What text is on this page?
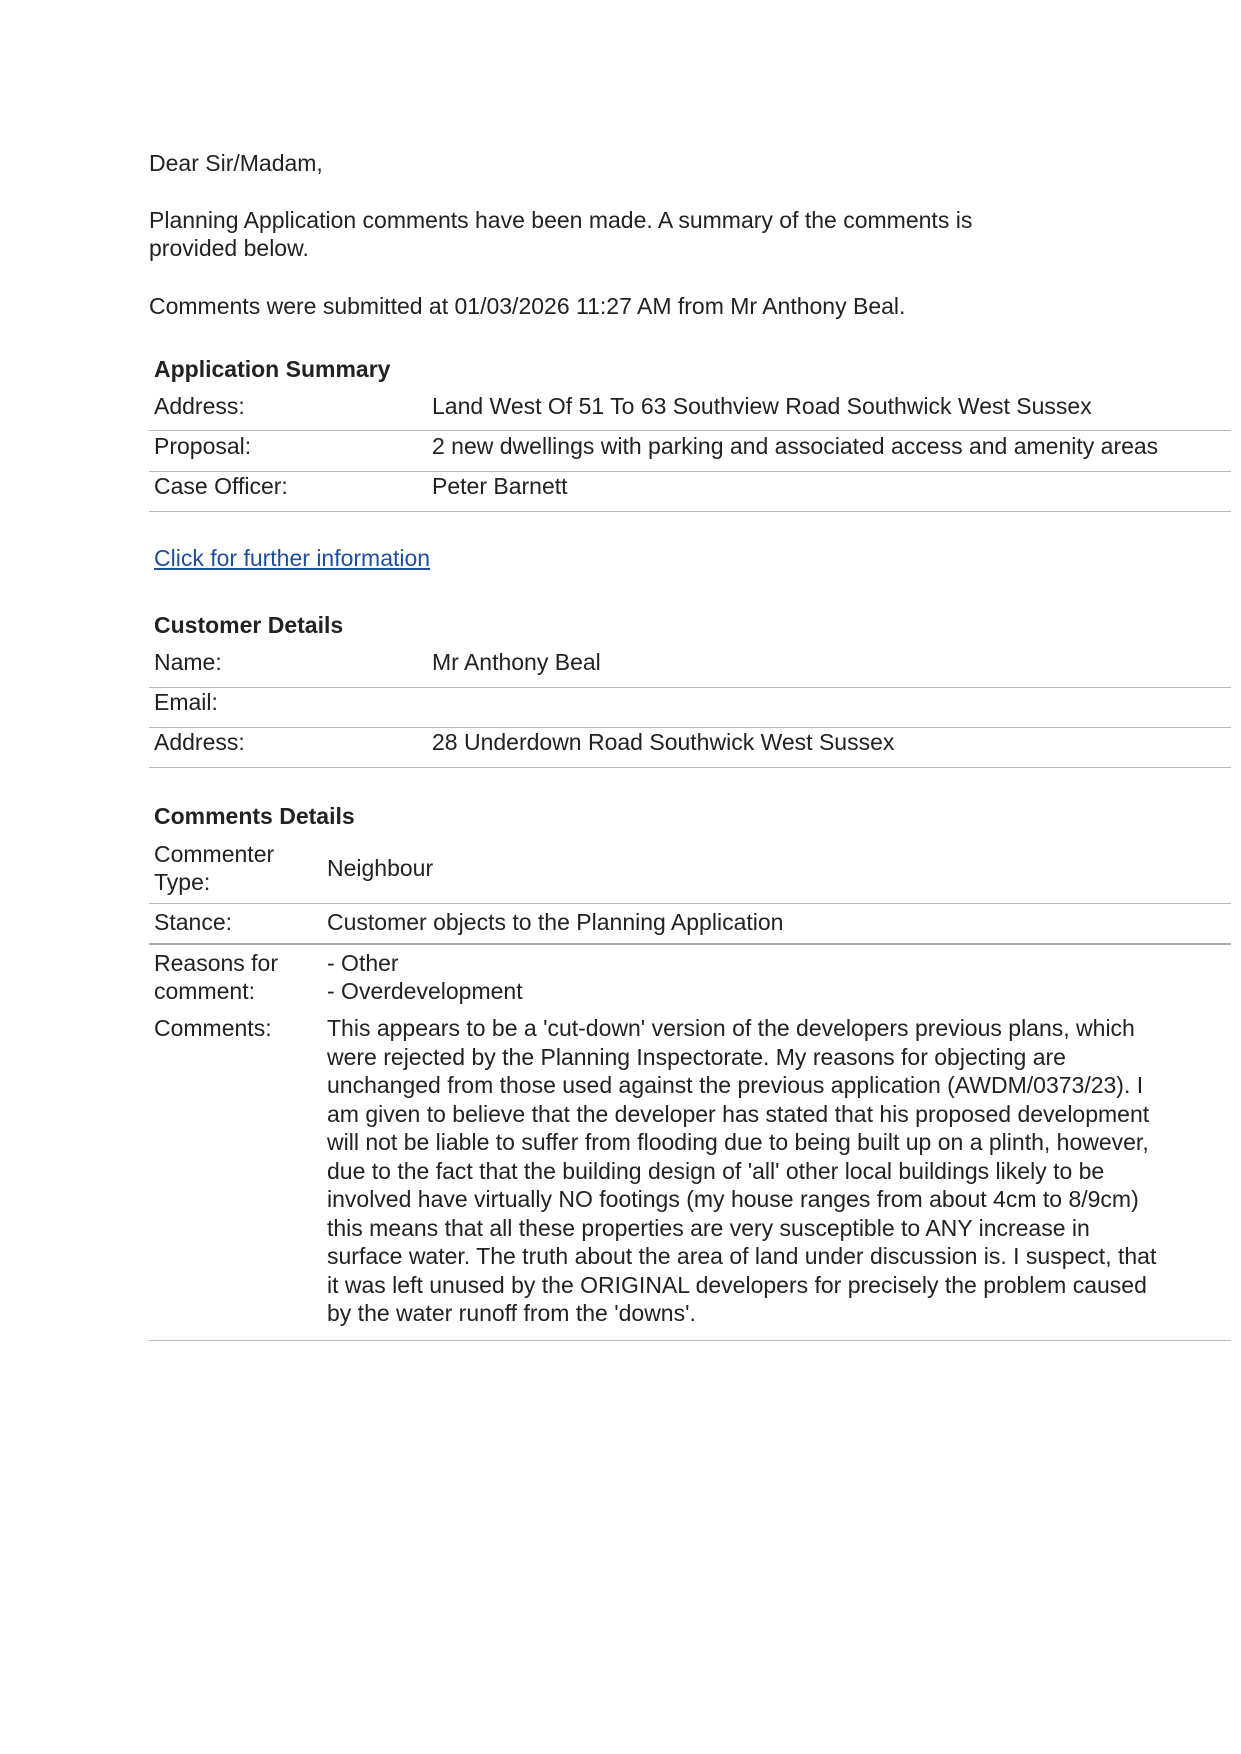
Dear Sir/Madam,

Planning Application comments have been made. A summary of the comments is

provided below.

Comments were submitted at 01/03/2026 11:27 AM from Mr Anthony Beal.

Application Summary
Address:	Land West Of 51 To 63 Southview Road Southwick West Sussex
Proposal:	2 new dwellings with parking and associated access and amenity areas
Case Officer:	Peter Barnett
Click for further information
Customer Details
Name:	Mr Anthony Beal
Email:
Address:	28 Underdown Road Southwick West Sussex
Comments Details
Commenter
Type:
Neighbour
Stance:	Customer objects to the Planning Application
Reasons for
comment:
- Other
- Overdevelopment
Comments: This appears to be a 'cut-down' version of the developers previous plans, which
were rejected by the Planning Inspectorate. My reasons for objecting are
unchanged from those used against the previous application (AWDM/0373/23). I
am given to believe that the developer has stated that his proposed development
will not be liable to suffer from flooding due to being built up on a plinth, however,
due to the fact that the building design of 'all' other local buildings likely to be
involved have virtually NO footings (my house ranges from about 4cm to 8/9cm)
this means that all these properties are very susceptible to ANY increase in
surface water. The truth about the area of land under discussion is. I suspect, that
it was left unused by the ORIGINAL developers for precisely the problem caused
by the water runoff from the 'downs'.
